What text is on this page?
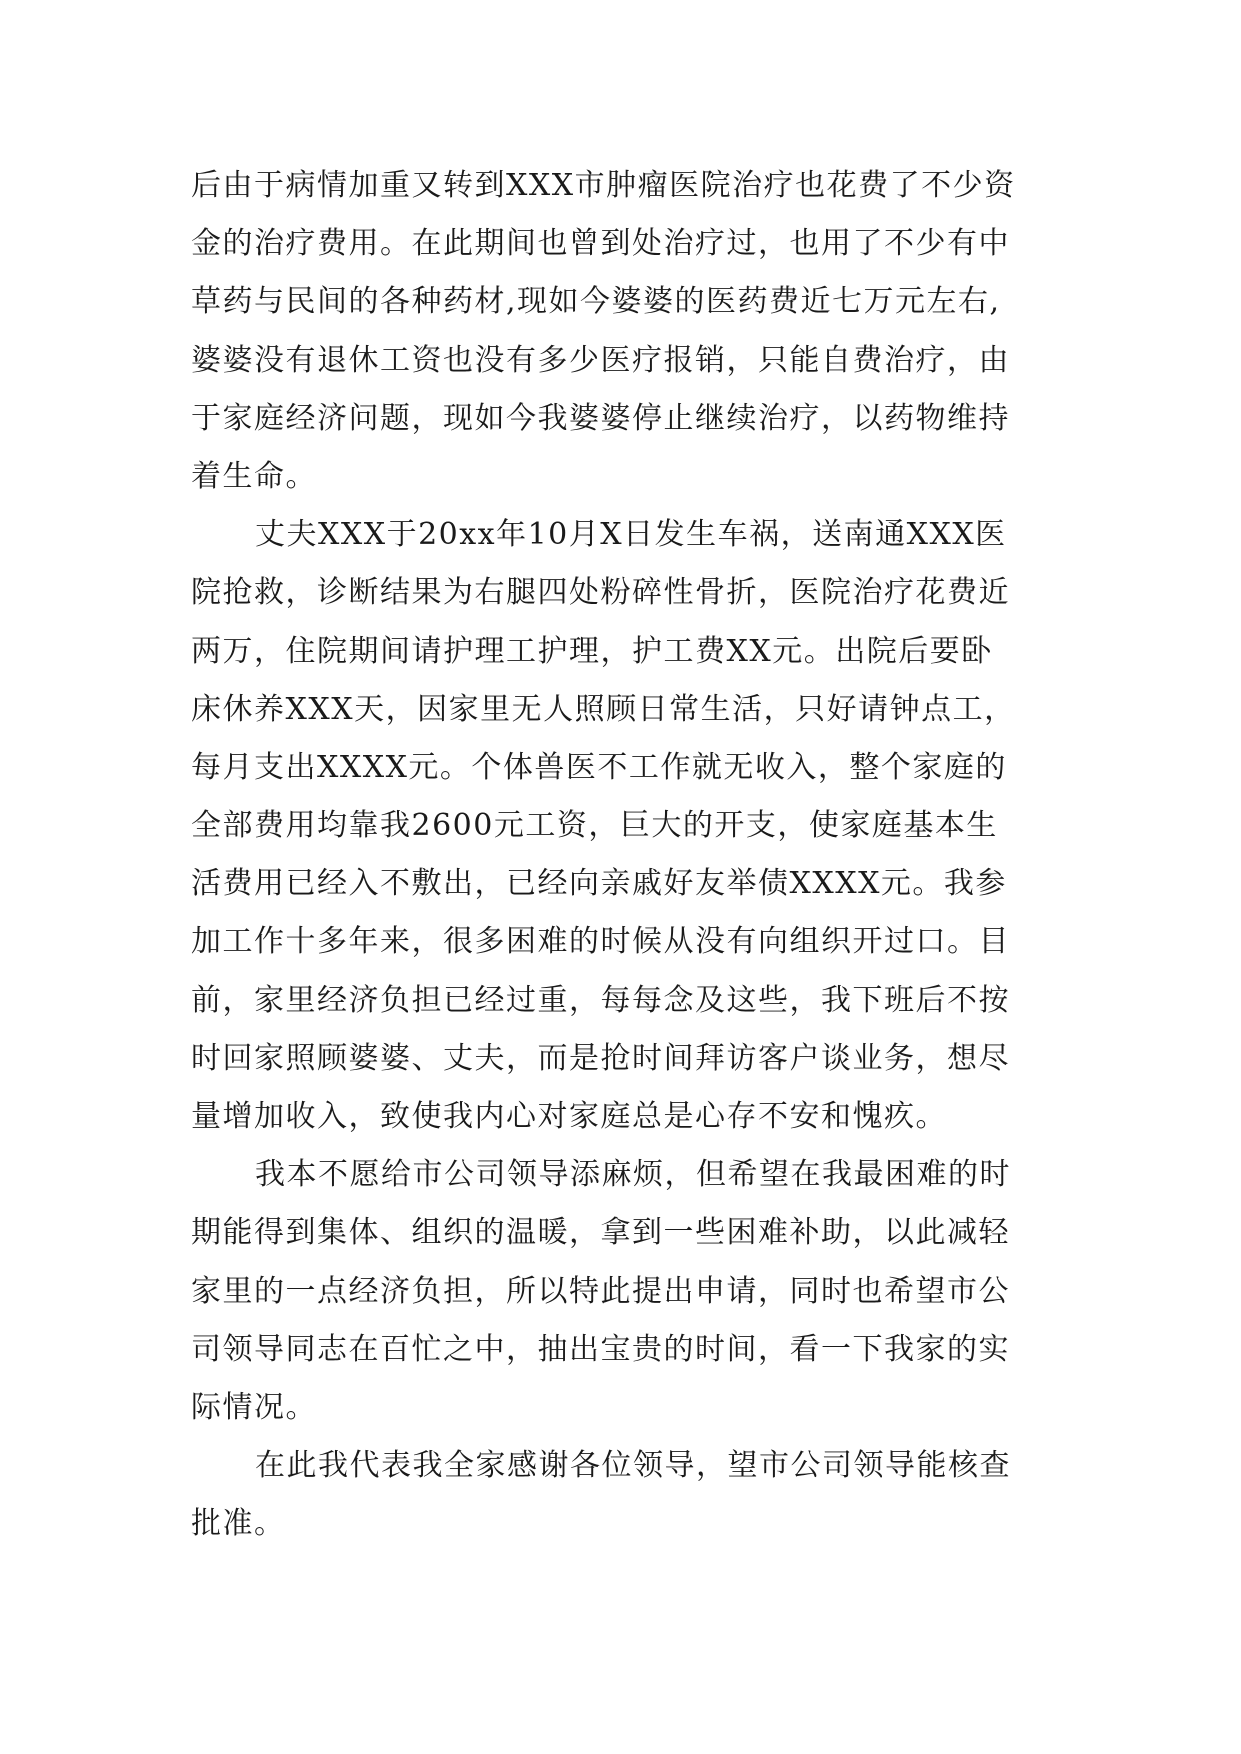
后由于病情加重又转到XXX市肿瘤医院治疗也花费了不少资
金的治疗费用。在此期间也曾到处治疗过，也用了不少有中
草药与民间的各种药材,现如今婆婆的医药费近七万元左右,
婆婆没有退休工资也没有多少医疗报销，只能自费治疗，由
于家庭经济问题，现如今我婆婆停止继续治疗，以药物维持
着生命。
丈夫XXX于20xx年10月X日发生车祸，送南通XXX医
院抢救，诊断结果为右腿四处粉碎性骨折，医院治疗花费近
两万，住院期间请护理工护理，护工费XX元。出院后要卧
床休养XXX天，因家里无人照顾日常生活，只好请钟点工，
每月支出XXXX元。个体兽医不工作就无收入，整个家庭的
全部费用均靠我2600元工资，巨大的开支，使家庭基本生
活费用已经入不敷出，已经向亲戚好友举债XXXX元。我参
加工作十多年来，很多困难的时候从没有向组织开过口。目
前，家里经济负担已经过重，每每念及这些，我下班后不按
时回家照顾婆婆、丈夫，而是抢时间拜访客户谈业务，想尽
量增加收入，致使我内心对家庭总是心存不安和愧疚。
我本不愿给市公司领导添麻烦，但希望在我最困难的时
期能得到集体、组织的温暖，拿到一些困难补助，以此减轻
家里的一点经济负担，所以特此提出申请，同时也希望市公
司领导同志在百忙之中，抽出宝贵的时间，看一下我家的实
际情况。
在此我代表我全家感谢各位领导，望市公司领导能核查
批准。
